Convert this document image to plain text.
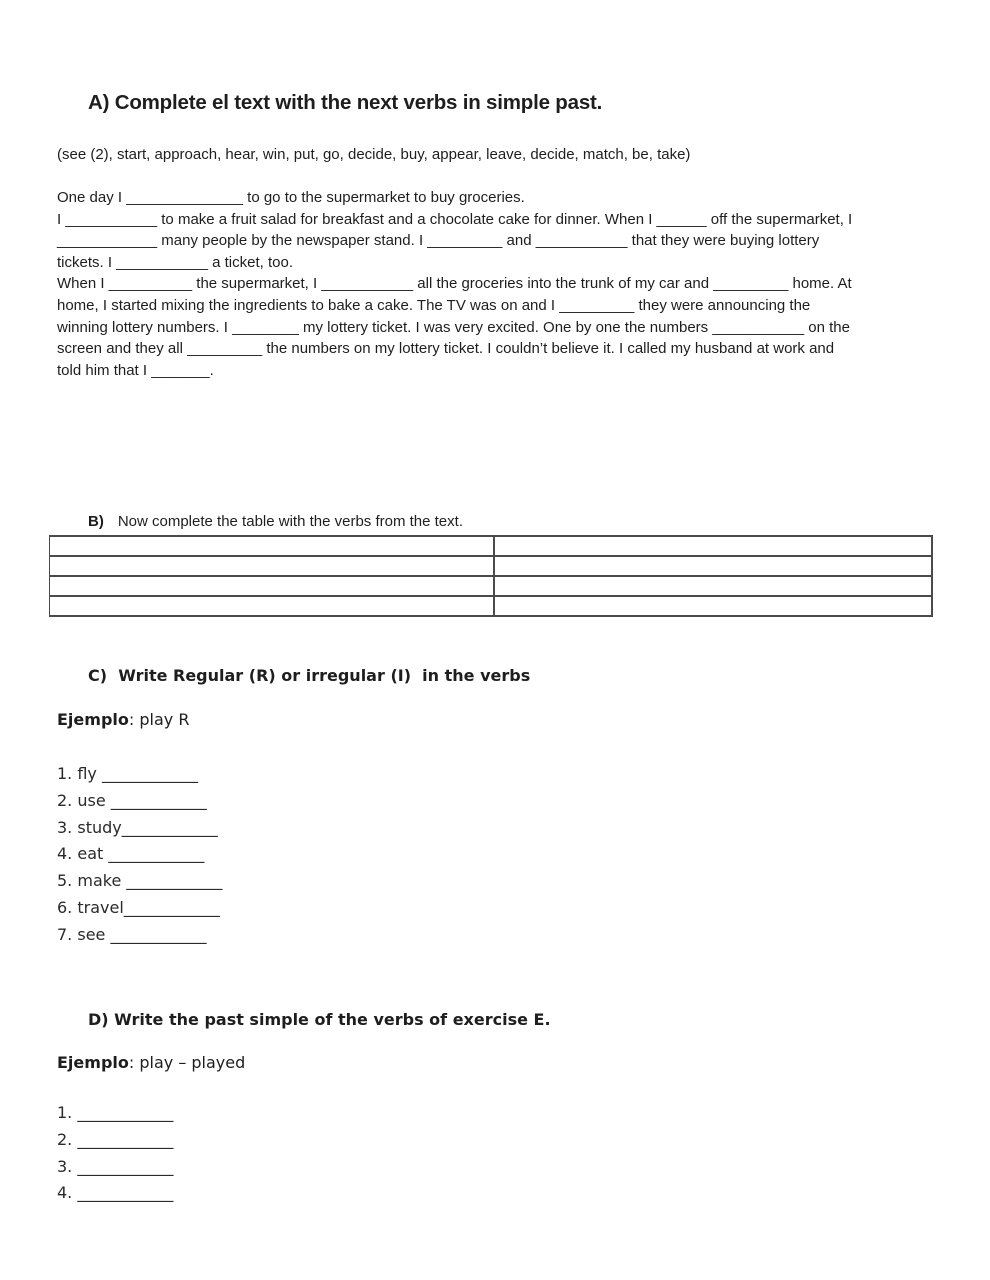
A) Complete el text with the next verbs in simple past.
(see (2), start, approach, hear, win, put, go, decide, buy, appear, leave, decide, match, be, take)
One day I ______________ to go to the supermarket to buy groceries.
I ___________ to make a fruit salad for breakfast and a chocolate cake for dinner. When I ______ off the supermarket, I
____________ many people by the newspaper stand. I _________ and ___________ that they were buying lottery
tickets. I ___________ a ticket, too.
When I __________ the supermarket, I ___________ all the groceries into the trunk of my car and _________ home. At
home, I started mixing the ingredients to bake a cake. The TV was on and I _________ they were announcing the
winning lottery numbers. I ________ my lottery ticket. I was very excited. One by one the numbers ___________ on the
screen and they all _________ the numbers on my lottery ticket. I couldn’t believe it. I called my husband at work and
told him that I _______.
B) Now complete the table with the verbs from the text.

C)  Write Regular (R) or irregular (I)  in the verbs
Ejemplo: play R
1. fly ____________
2. use ____________
3. study____________
4. eat ____________
5. make ____________
6. travel____________
7. see ____________
D) Write the past simple of the verbs of exercise E.
Ejemplo: play – played
1. ____________
2. ____________
3. ____________
4. ____________
